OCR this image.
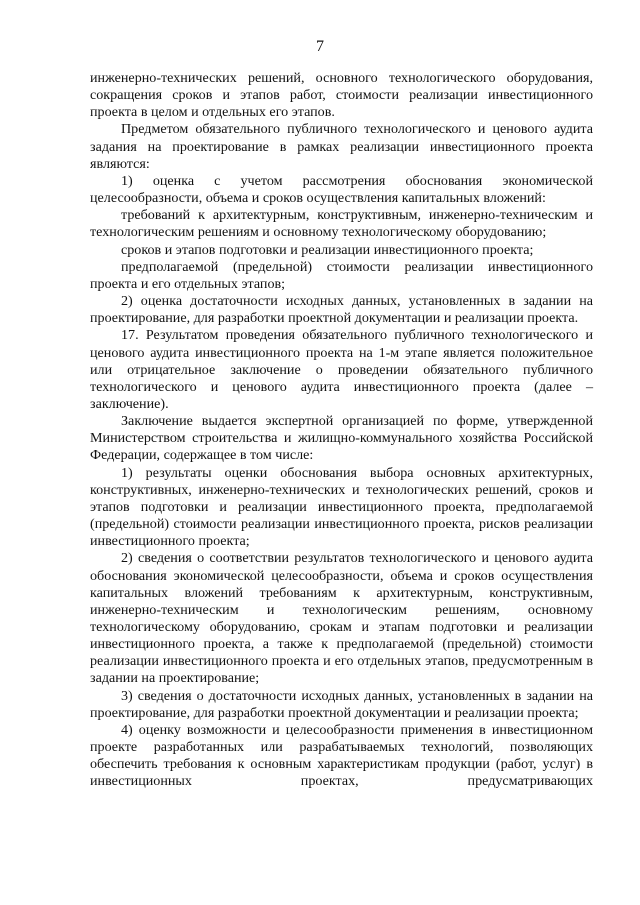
7

инженерно-технических решений, основного технологического оборудования, сокращения сроков и этапов работ, стоимости реализации инвестиционного проекта в целом и отдельных его этапов.

Предметом обязательного публичного технологического и ценового аудита задания на проектирование в рамках реализации инвестиционного проекта являются:

1) оценка с учетом рассмотрения обоснования экономической целесообразности, объема и сроков осуществления капитальных вложений:

требований к архитектурным, конструктивным, инженерно-техническим и технологическим решениям и основному технологическому оборудованию;

сроков и этапов подготовки и реализации инвестиционного проекта;

предполагаемой (предельной) стоимости реализации инвестиционного проекта и его отдельных этапов;

2) оценка достаточности исходных данных, установленных в задании на проектирование, для разработки проектной документации и реализации проекта.

17. Результатом проведения обязательного публичного технологического и ценового аудита инвестиционного проекта на 1-м этапе является положительное или отрицательное заключение о проведении обязательного публичного технологического и ценового аудита инвестиционного проекта (далее – заключение).

Заключение выдается экспертной организацией по форме, утвержденной Министерством строительства и жилищно-коммунального хозяйства Российской Федерации, содержащее в том числе:

1) результаты оценки обоснования выбора основных архитектурных, конструктивных, инженерно-технических и технологических решений, сроков и этапов подготовки и реализации инвестиционного проекта, предполагаемой (предельной) стоимости реализации инвестиционного проекта, рисков реализации инвестиционного проекта;

2) сведения о соответствии результатов технологического и ценового аудита обоснования экономической целесообразности, объема и сроков осуществления капитальных вложений требованиям к архитектурным, конструктивным, инженерно-техническим и технологическим решениям, основному технологическому оборудованию, срокам и этапам подготовки и реализации инвестиционного проекта, а также к предполагаемой (предельной) стоимости реализации инвестиционного проекта и его отдельных этапов, предусмотренным в задании на проектирование;

3) сведения о достаточности исходных данных, установленных в задании на проектирование, для разработки проектной документации и реализации проекта;

4) оценку возможности и целесообразности применения в инвестиционном проекте разработанных или разрабатываемых технологий, позволяющих обеспечить требования к основным характеристикам продукции (работ, услуг) в инвестиционных проектах, предусматривающих
